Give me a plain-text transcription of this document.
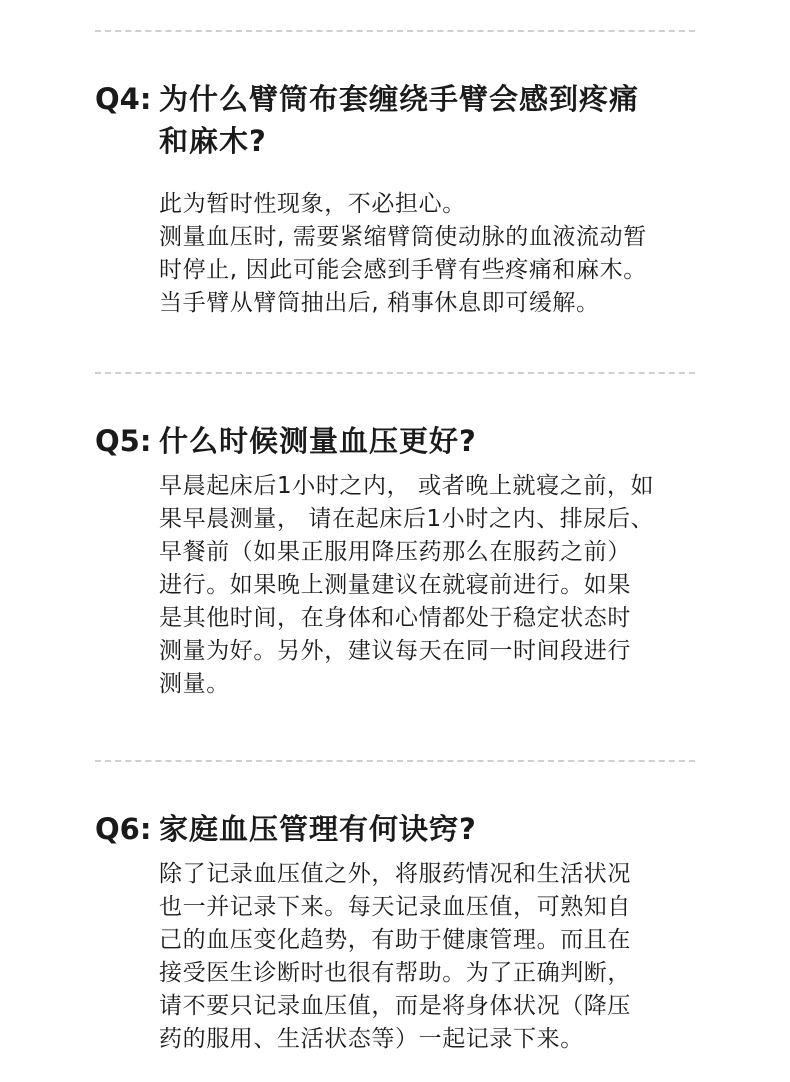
Q4: 为什么臂筒布套缠绕手臂会感到疼痛
和麻木?
此为暂时性现象，不必担心。
测量血压时, 需要紧缩臂筒使动脉的血液流动暂
时停止, 因此可能会感到手臂有些疼痛和麻木。
当手臂从臂筒抽出后, 稍事休息即可缓解。
Q5: 什么时候测量血压更好?
早晨起床后1小时之内， 或者晚上就寝之前，如
果早晨测量， 请在起床后1小时之内、排尿后、
早餐前（如果正服用降压药那么在服药之前）
进行。如果晚上测量建议在就寝前进行。如果
是其他时间，在身体和心情都处于稳定状态时
测量为好。另外，建议每天在同一时间段进行
测量。
Q6: 家庭血压管理有何诀窍?
除了记录血压值之外，将服药情况和生活状况
也一并记录下来。每天记录血压值，可熟知自
己的血压变化趋势，有助于健康管理。而且在
接受医生诊断时也很有帮助。为了正确判断，
请不要只记录血压值，而是将身体状况（降压
药的服用、生活状态等）一起记录下来。
